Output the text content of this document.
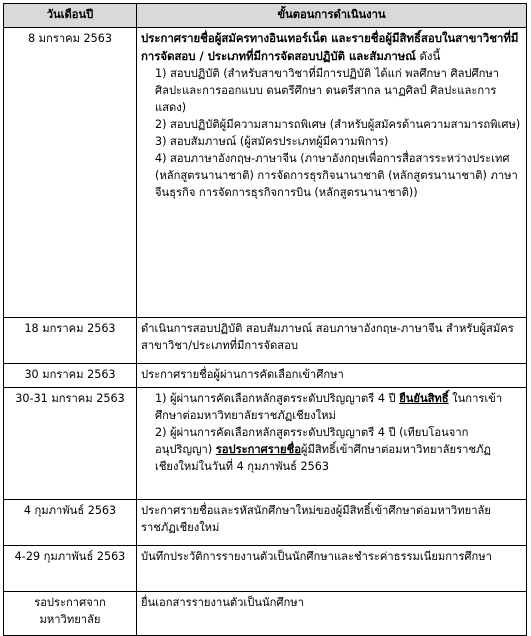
วันเดือนปี	ขั้นตอนการดำเนินงาน
8 มกราคม 2563	ประกาศรายชื่อผู้สมัครทางอินเทอร์เน็ต และรายชื่อผู้มีสิทธิ์สอบในสาขาวิชาที่มีการจัดสอบ / ประเภทที่มีการจัดสอบปฏิบัติ และสัมภาษณ์ ดังนี้

1) สอบปฏิบัติ (สำหรับสาขาวิชาที่มีการปฏิบัติ ได้แก่ พลศึกษา ศิลปศึกษา ศิลปะและการออกแบบ ดนตรีศึกษา ดนตรีสากล นาฏศิลป์ ศิลปะและการแสดง)

2) สอบปฏิบัติผู้มีความสามารถพิเศษ (สำหรับผู้สมัครด้านความสามารถพิเศษ)

3) สอบสัมภาษณ์ (ผู้สมัครประเภทผู้มีความพิการ)

4) สอบภาษาอังกฤษ-ภาษาจีน (ภาษาอังกฤษเพื่อการสื่อสารระหว่างประเทศ (หลักสูตรนานาชาติ) การจัดการธุรกิจนานาชาติ (หลักสูตรนานาชาติ) ภาษาจีนธุรกิจ การจัดการธุรกิจการบิน (หลักสูตรนานาชาติ))

18 มกราคม 2563	ดำเนินการสอบปฏิบัติ สอบสัมภาษณ์ สอบภาษาอังกฤษ-ภาษาจีน สำหรับผู้สมัครสาขาวิชา/ประเภทที่มีการจัดสอบ
30 มกราคม 2563	ประกาศรายชื่อผู้ผ่านการคัดเลือกเข้าศึกษา
30-31 มกราคม 2563	1) ผู้ผ่านการคัดเลือกหลักสูตรระดับปริญญาตรี 4 ปี ยืนยันสิทธิ์ ในการเข้าศึกษาต่อมหาวิทยาลัยราชภัฏเชียงใหม่

2) ผู้ผ่านการคัดเลือกหลักสูตรระดับปริญญาตรี 4 ปี (เทียบโอนจากอนุปริญญา) รอประกาศรายชื่อผู้มีสิทธิ์เข้าศึกษาต่อมหาวิทยาลัยราชภัฏเชียงใหม่ในวันที่ 4 กุมภาพันธ์ 2563

4 กุมภาพันธ์ 2563	ประกาศรายชื่อและรหัสนักศึกษาใหม่ของผู้มีสิทธิ์เข้าศึกษาต่อมหาวิทยาลัยราชภัฏเชียงใหม่
4-29 กุมภาพันธ์ 2563	บันทึกประวัติการรายงานตัวเป็นนักศึกษาและชำระค่าธรรมเนียมการศึกษา
รอประกาศจากมหาวิทยาลัย	ยื่นเอกสารรายงานตัวเป็นนักศึกษา
